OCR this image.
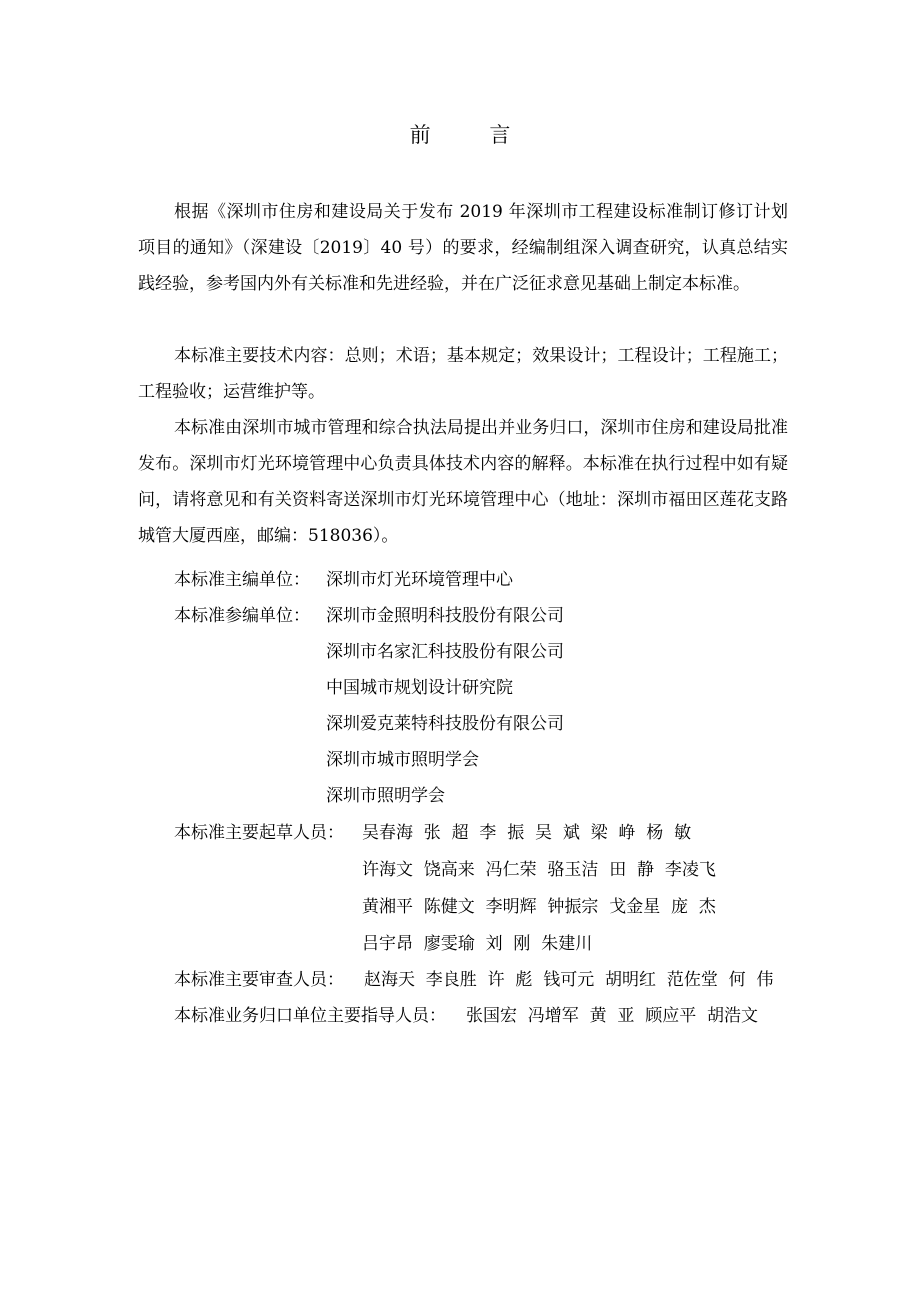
前 言

根据《深圳市住房和建设局关于发布 2019 年深圳市工程建设标准制订修订计划项目的通知》（深建设〔2019〕40 号）的要求，经编制组深入调查研究，认真总结实践经验，参考国内外有关标准和先进经验，并在广泛征求意见基础上制定本标准。

本标准主要技术内容：总则；术语；基本规定；效果设计；工程设计；工程施工；工程验收；运营维护等。

本标准由深圳市城市管理和综合执法局提出并业务归口，深圳市住房和建设局批准发布。深圳市灯光环境管理中心负责具体技术内容的解释。本标准在执行过程中如有疑问，请将意见和有关资料寄送深圳市灯光环境管理中心（地址：深圳市福田区莲花支路城管大厦西座，邮编：518036）。

本标准主编单位： 深圳市灯光环境管理中心
本标准参编单位： 深圳市金照明科技股份有限公司
深圳市名家汇科技股份有限公司
中国城市规划设计研究院
深圳爱克莱特科技股份有限公司
深圳市城市照明学会
深圳市照明学会
本标准主要起草人员： 吴春海  张  超  李  振  吴  斌  梁  峥  杨  敏
许海文  饶高来  冯仁荣  骆玉洁  田  静  李凌飞
黄湘平  陈健文  李明辉  钟振宗  戈金星  庞  杰
吕宇昂  廖雯瑜  刘  刚  朱建川
本标准主要审查人员： 赵海天  李良胜  许  彪  钱可元  胡明红  范佐堂  何  伟
本标准业务归口单位主要指导人员： 张国宏  冯增军  黄  亚  顾应平  胡浩文
